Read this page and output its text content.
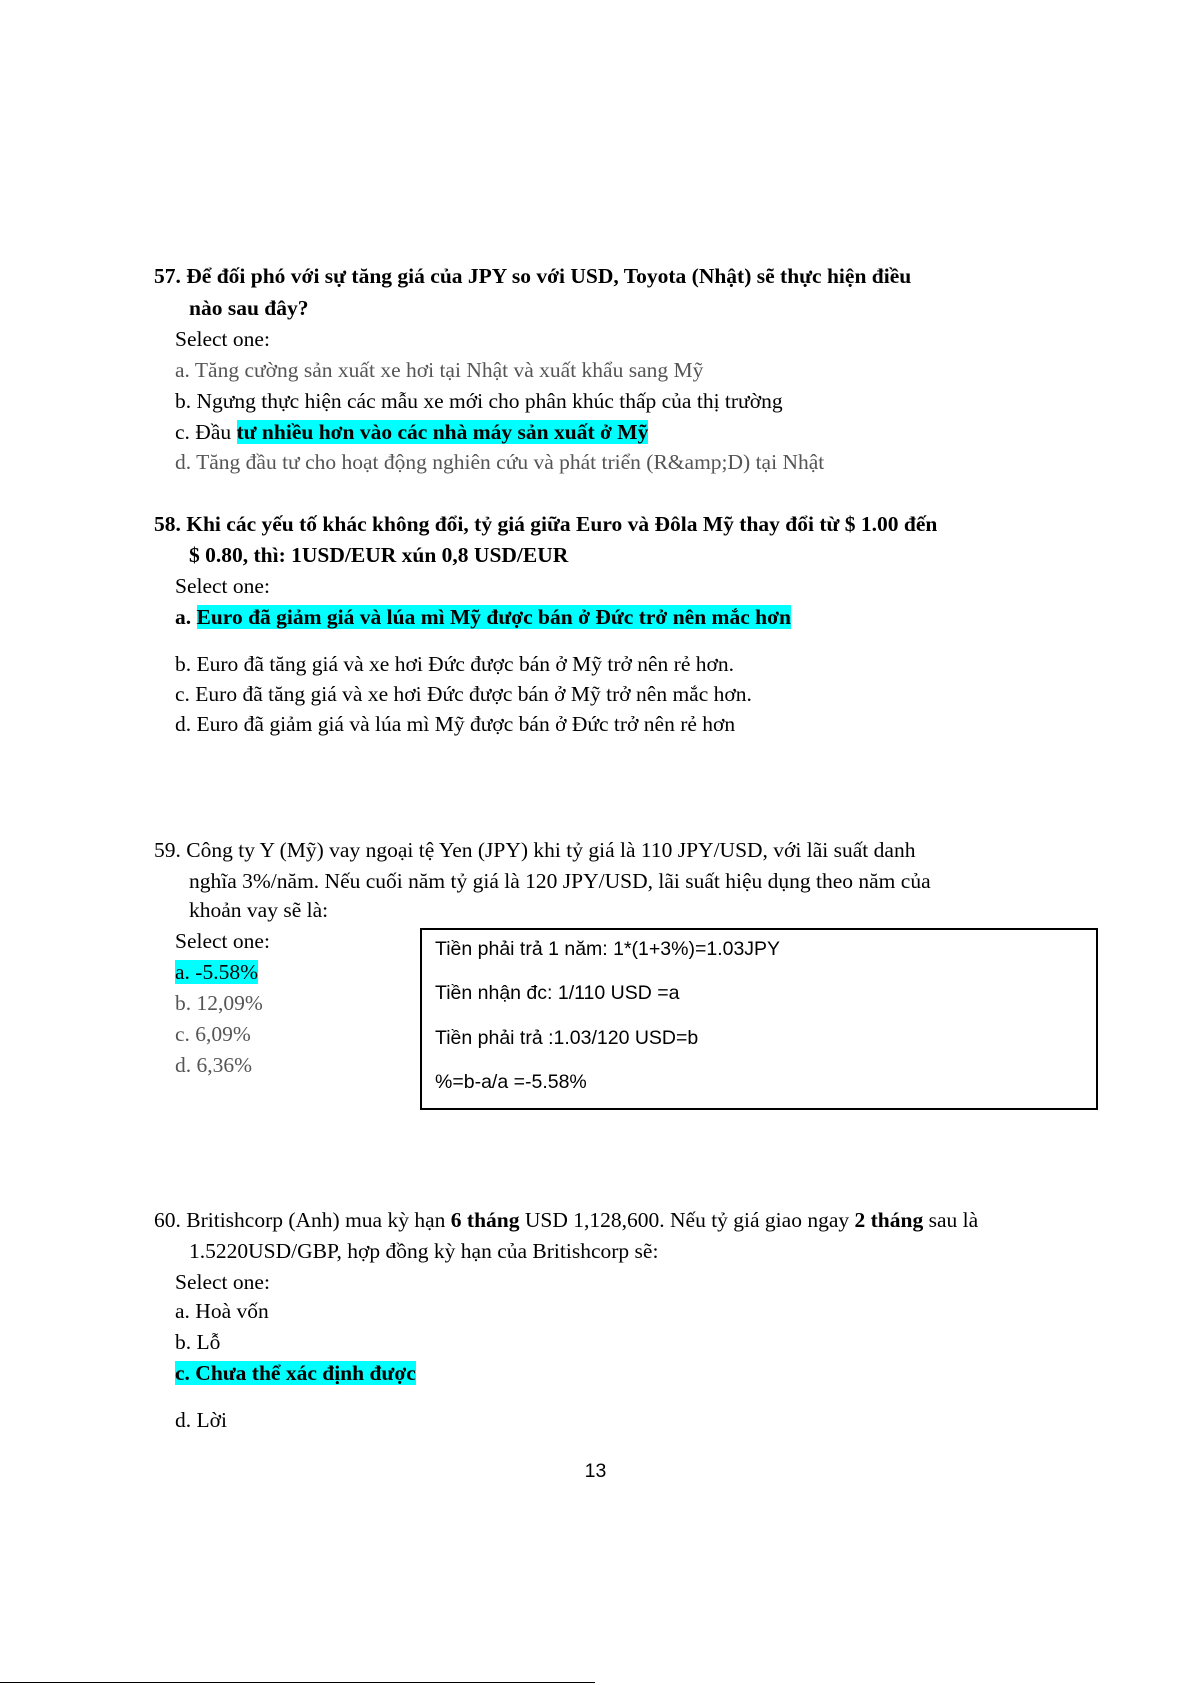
57. Để đối phó với sự tăng giá của JPY so với USD, Toyota (Nhật) sẽ thực hiện điều
nào sau đây?
Select one:
a. Tăng cường sản xuất xe hơi tại Nhật và xuất khẩu sang Mỹ
b. Ngưng thực hiện các mẫu xe mới cho phân khúc thấp của thị trường
c. Đầu tư nhiều hơn vào các nhà máy sản xuất ở Mỹ
d. Tăng đầu tư cho hoạt động nghiên cứu và phát triển (R&amp;D) tại Nhật
58. Khi các yếu tố khác không đổi, tỷ giá giữa Euro và Đôla Mỹ thay đổi từ $ 1.00 đến
$ 0.80, thì: 1USD/EUR xún 0,8 USD/EUR
Select one:
a. Euro đã giảm giá và lúa mì Mỹ được bán ở Đức trở nên mắc hơn
b. Euro đã tăng giá và xe hơi Đức được bán ở Mỹ trở nên rẻ hơn.
c. Euro đã tăng giá và xe hơi Đức được bán ở Mỹ trở nên mắc hơn.
d. Euro đã giảm giá và lúa mì Mỹ được bán ở Đức trở nên rẻ hơn
59. Công ty Y (Mỹ) vay ngoại tệ Yen (JPY) khi tỷ giá là 110 JPY/USD, với lãi suất danh
nghĩa 3%/năm. Nếu cuối năm tỷ giá là 120 JPY/USD, lãi suất hiệu dụng theo năm của
khoản vay sẽ là:
Select one:
a. -5.58%
b. 12,09%
c. 6,09%
d. 6,36%
Tiền phải trả 1 năm: 1*(1+3%)=1.03JPY
Tiền nhận đc: 1/110 USD =a
Tiền phải trả :1.03/120 USD=b
%=b-a/a =-5.58%
60. Britishcorp (Anh) mua kỳ hạn 6 tháng USD 1,128,600. Nếu tỷ giá giao ngay 2 tháng sau là
1.5220USD/GBP, hợp đồng kỳ hạn của Britishcorp sẽ:
Select one:
a. Hoà vốn
b. Lỗ
c. Chưa thể xác định được
d. Lời
13
